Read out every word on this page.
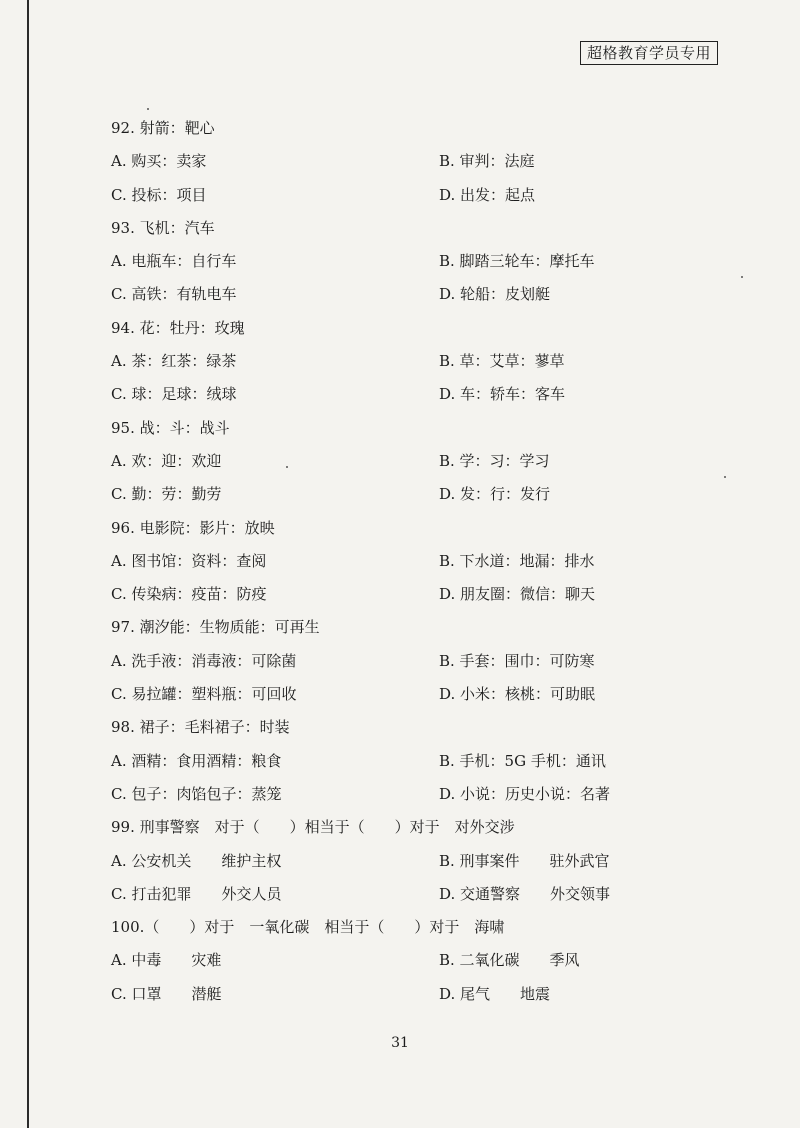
超格教育学员专用
92. 射箭：靶心
A. 购买：卖家	B. 审判：法庭
C. 投标：项目	D. 出发：起点
93. 飞机：汽车
A. 电瓶车：自行车	B. 脚踏三轮车：摩托车
C. 高铁：有轨电车	D. 轮船：皮划艇
94. 花：牡丹：玫瑰
A. 茶：红茶：绿茶	B. 草：艾草：蓼草
C. 球：足球：绒球	D. 车：轿车：客车
95. 战：斗：战斗
A. 欢：迎：欢迎	B. 学：习：学习
C. 勤：劳：勤劳	D. 发：行：发行
96. 电影院：影片：放映
A. 图书馆：资料：查阅	B. 下水道：地漏：排水
C. 传染病：疫苗：防疫	D. 朋友圈：微信：聊天
97. 潮汐能：生物质能：可再生
A. 洗手液：消毒液：可除菌	B. 手套：围巾：可防寒
C. 易拉罐：塑料瓶：可回收	D. 小米：核桃：可助眠
98. 裙子：毛料裙子：时装
A. 酒精：食用酒精：粮食	B. 手机：5G 手机：通讯
C. 包子：肉馅包子：蒸笼	D. 小说：历史小说：名著
99. 刑事警察　对于（　　）相当于（　　）对于　对外交涉
A. 公安机关　　维护主权	B. 刑事案件　　驻外武官
C. 打击犯罪　　外交人员	D. 交通警察　　外交领事
100.（　　）对于　一氧化碳　相当于（　　）对于　海啸
A. 中毒　　灾难	B. 二氧化碳　　季风
C. 口罩　　潜艇	D. 尾气　　地震
31
